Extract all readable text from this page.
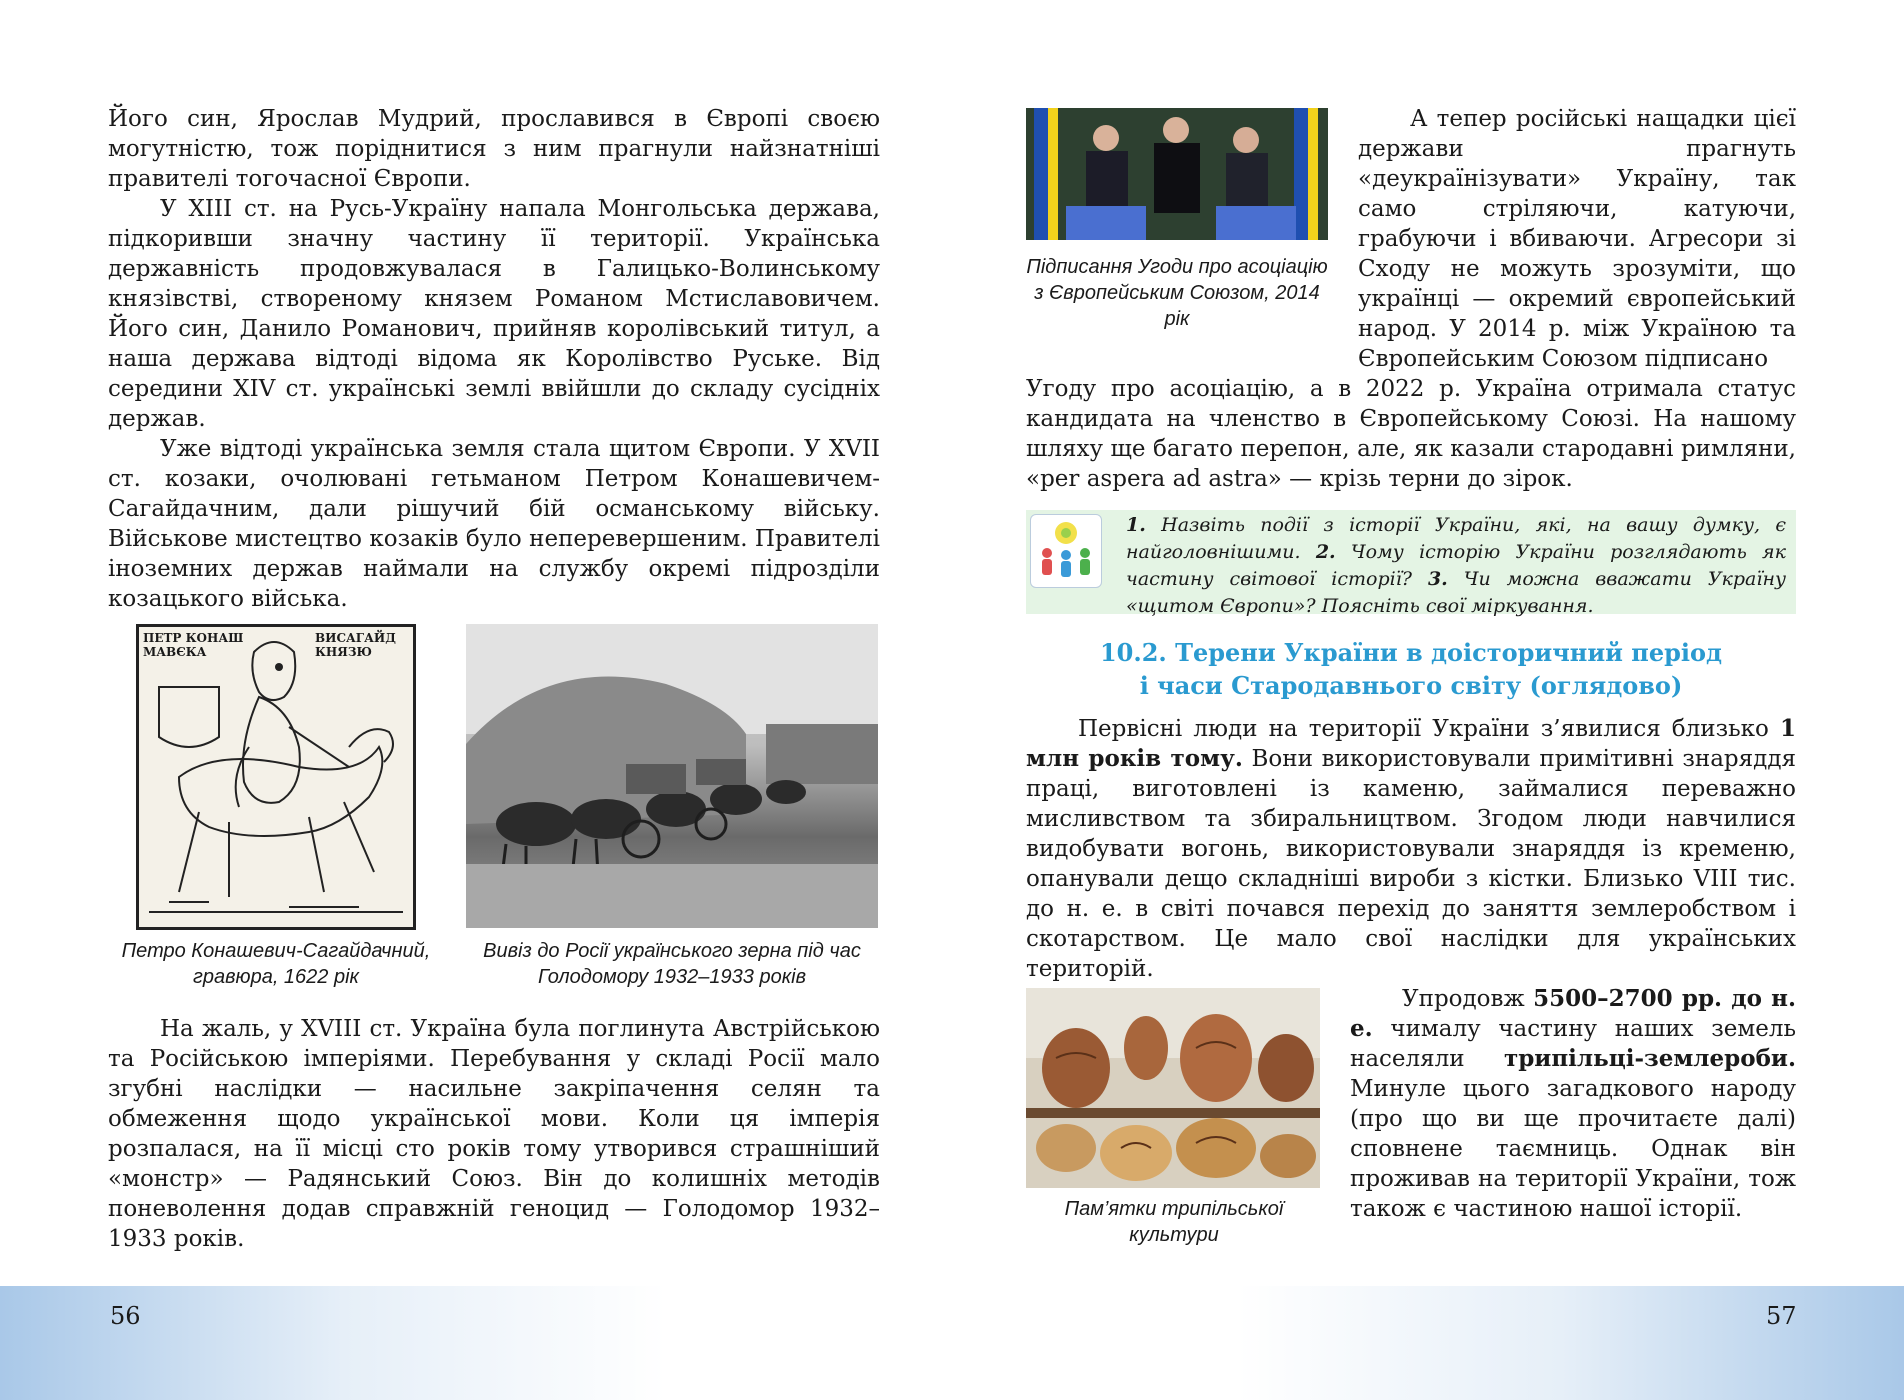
Його син, Ярослав Мудрий, прославився в Європі своєю могутністю, тож поріднитися з ним прагнули найзнатніші правителі тогочасної Європи.

У XIII ст. на Русь-Україну напала Монгольська держава, підкоривши значну частину її території. Українська державність продовжувалася в Галицько-Волинському князівстві, створеному князем Романом Мстиславовичем. Його син, Данило Романович, прийняв королівський титул, а наша держава відтоді відома як Королівство Руське. Від середини XIV ст. українські землі ввійшли до складу сусідніх держав.

Уже відтоді українська земля стала щитом Європи. У XVII ст. козаки, очолювані гетьманом Петром Конашевичем-Сагайдачним, дали рішучий бій османському війську. Військове мистецтво козаків було неперевершеним. Правителі іноземних держав наймали на службу окремі підрозділи козацького війська.

ПЕТР КОНАШ МАВЄКА
ВИСАГАЙД КНЯЗЮ
Петро Конашевич-Сагайдачний, гравюра, 1622 рік
Вивіз до Росії українського зерна під час Голодомору 1932–1933 років

На жаль, у XVIII ст. Україна була поглинута Австрійською та Російською імперіями. Перебування у складі Росії мало згубні наслідки — насильне закріпачення селян та обмеження щодо української мови. Коли ця імперія розпалася, на її місці сто років тому утворився страшніший «монстр» — Радянський Союз. Він до колишніх методів поневолення додав справжній геноцид — Голодомор 1932–1933 років.

Підписання Угоди про асоціацію з Європейським Союзом, 2014 рік

А тепер російські нащадки цієї держави прагнуть «деукраїнізувати» Україну, так само стріляючи, катуючи, грабуючи і вбиваючи. Агресори зі Сходу не можуть зрозуміти, що українці — окремий європейський народ. У 2014 р. між Україною та Європейським Союзом підписано

Угоду про асоціацію, а в 2022 р. Україна отримала статус кандидата на членство в Європейському Союзі. На нашому шляху ще багато перепон, але, як казали стародавні римляни, «per aspera ad astra» — крізь терни до зірок.

1. Назвіть події з історії України, які, на вашу думку, є найголовнішими. 2. Чому історію України розглядають як частину світової історії? 3. Чи можна вважати Україну «щитом Європи»? Поясніть свої міркування.

10.2. Терени України в доісторичний період
і часи Стародавнього світу (оглядово)

Первісні люди на території України з’явилися близько 1 млн років тому. Вони використовували примітивні знаряддя праці, виготовлені із каменю, займалися переважно мисливством та збиральництвом. Згодом люди навчилися видобувати вогонь, використовували знаряддя із кременю, опанували дещо складніші вироби з кістки. Близько VIII тис. до н. е. в світі почався перехід до заняття землеробством і скотарством. Це мало свої наслідки для українських територій.

Пам’ятки трипільської культури

Упродовж 5500–2700 рр. до н. е. чималу частину наших земель населяли трипільці-землероби. Минуле цього загадкового народу (про що ви ще прочитаєте далі) сповнене таємниць. Однак він проживав на території України, тож також є частиною нашої історії.

56	57
